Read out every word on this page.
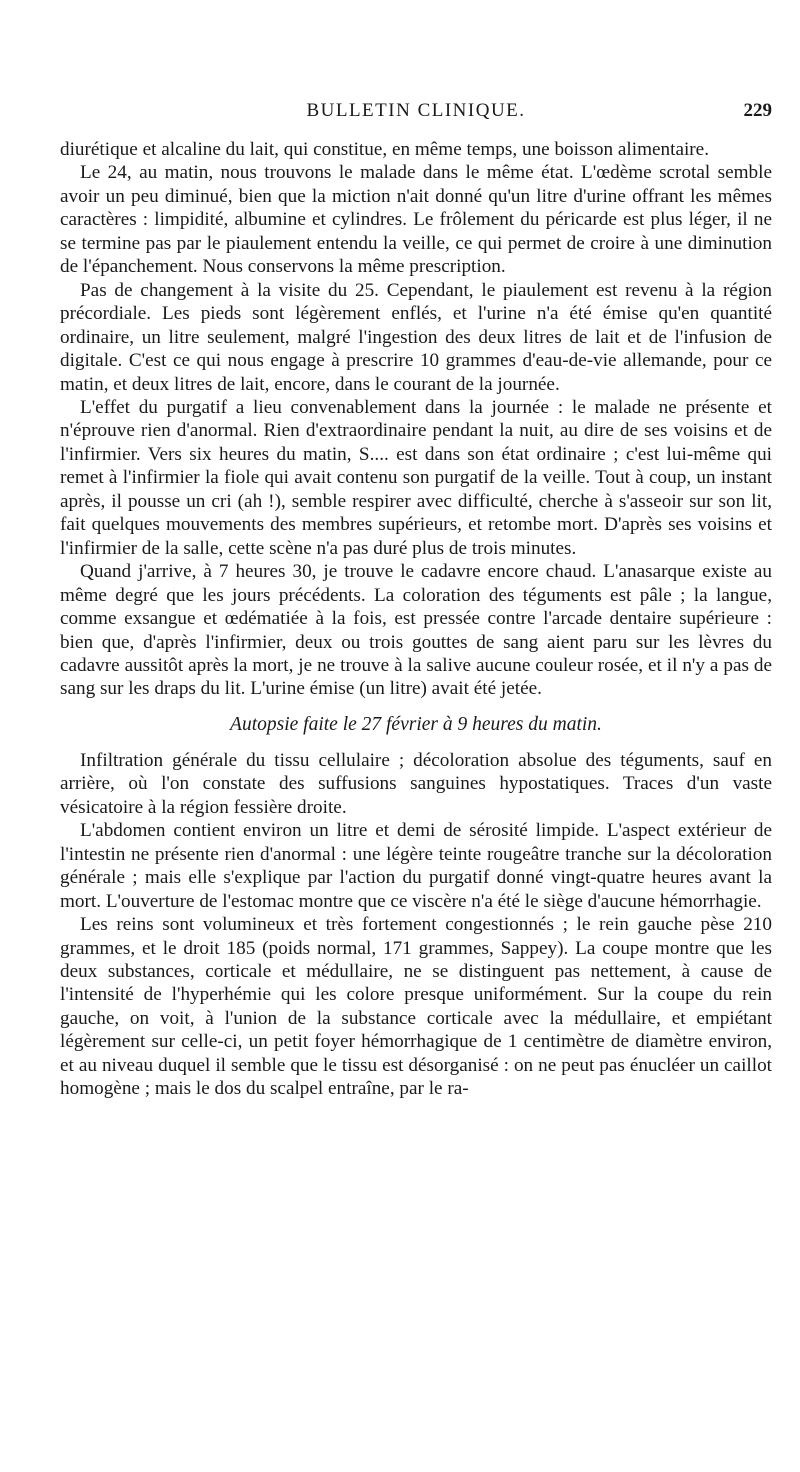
BULLETIN CLINIQUE.	229

diurétique et alcaline du lait, qui constitue, en même temps, une boisson alimentaire.

Le 24, au matin, nous trouvons le malade dans le même état. L'œdème scrotal semble avoir un peu diminué, bien que la miction n'ait donné qu'un litre d'urine offrant les mêmes caractères : limpidité, albumine et cylindres. Le frôlement du péricarde est plus léger, il ne se termine pas par le piaulement entendu la veille, ce qui permet de croire à une diminution de l'épanchement. Nous conservons la même prescription.

Pas de changement à la visite du 25. Cependant, le piaulement est revenu à la région précordiale. Les pieds sont légèrement enflés, et l'urine n'a été émise qu'en quantité ordinaire, un litre seulement, malgré l'ingestion des deux litres de lait et de l'infusion de digitale. C'est ce qui nous engage à prescrire 10 grammes d'eau-de-vie allemande, pour ce matin, et deux litres de lait, encore, dans le courant de la journée.

L'effet du purgatif a lieu convenablement dans la journée : le malade ne présente et n'éprouve rien d'anormal. Rien d'extraordinaire pendant la nuit, au dire de ses voisins et de l'infirmier. Vers six heures du matin, S.... est dans son état ordinaire ; c'est lui-même qui remet à l'infirmier la fiole qui avait contenu son purgatif de la veille. Tout à coup, un instant après, il pousse un cri (ah !), semble respirer avec difficulté, cherche à s'asseoir sur son lit, fait quelques mouvements des membres supérieurs, et retombe mort. D'après ses voisins et l'infirmier de la salle, cette scène n'a pas duré plus de trois minutes.

Quand j'arrive, à 7 heures 30, je trouve le cadavre encore chaud. L'anasarque existe au même degré que les jours précédents. La coloration des téguments est pâle ; la langue, comme exsangue et œdématiée à la fois, est pressée contre l'arcade dentaire supérieure : bien que, d'après l'infirmier, deux ou trois gouttes de sang aient paru sur les lèvres du cadavre aussitôt après la mort, je ne trouve à la salive aucune couleur rosée, et il n'y a pas de sang sur les draps du lit. L'urine émise (un litre) avait été jetée.

Autopsie faite le 27 février à 9 heures du matin.

Infiltration générale du tissu cellulaire ; décoloration absolue des téguments, sauf en arrière, où l'on constate des suffusions sanguines hypostatiques. Traces d'un vaste vésicatoire à la région fessière droite.

L'abdomen contient environ un litre et demi de sérosité limpide. L'aspect extérieur de l'intestin ne présente rien d'anormal : une légère teinte rougeâtre tranche sur la décoloration générale ; mais elle s'explique par l'action du purgatif donné vingt-quatre heures avant la mort. L'ouverture de l'estomac montre que ce viscère n'a été le siège d'aucune hémorrhagie.

Les reins sont volumineux et très fortement congestionnés ; le rein gauche pèse 210 grammes, et le droit 185 (poids normal, 171 grammes, Sappey). La coupe montre que les deux substances, corticale et médullaire, ne se distinguent pas nettement, à cause de l'intensité de l'hyperhémie qui les colore presque uniformément. Sur la coupe du rein gauche, on voit, à l'union de la substance corticale avec la médullaire, et empiétant légèrement sur celle-ci, un petit foyer hémorrhagique de 1 centimètre de diamètre environ, et au niveau duquel il semble que le tissu est désorganisé : on ne peut pas énucléer un caillot homogène ; mais le dos du scalpel entraîne, par le ra-
